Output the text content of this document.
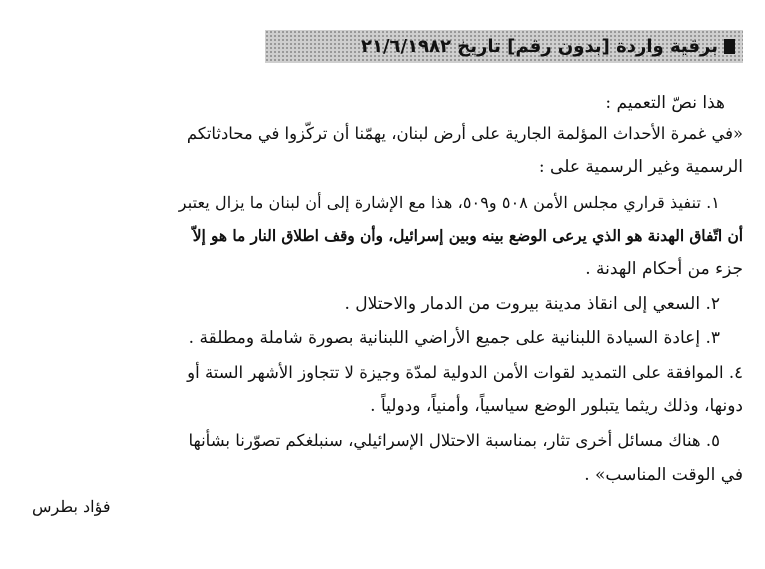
برقية واردة [بدون رقم] تاريخ ٢١/٦/١٩٨٢
هذا نصّ التعميم :
«في غمرة الأحداث المؤلمة الجارية على أرض لبنان، يهمّنا أن تركّزوا في محادثاتكم
الرسمية وغير الرسمية على :
١. تنفيذ قراري مجلس الأمن ٥٠٨ و٥٠٩، هذا مع الإشارة إلى أن لبنان ما يزال يعتبر
أن اتّفاق الهدنة هو الذي يرعى الوضع بينه وبين إسرائيل، وأن وقف اطلاق النار ما هو إلاّ
جزء من أحكام الهدنة .
٢. السعي إلى انقاذ مدينة بيروت من الدمار والاحتلال .
٣. إعادة السيادة اللبنانية على جميع الأراضي اللبنانية بصورة شاملة ومطلقة .
٤. الموافقة على التمديد لقوات الأمن الدولية لمدّة وجيزة لا تتجاوز الأشهر الستة أو
دونها، وذلك ريثما يتبلور الوضع سياسياً، وأمنياً، ودولياً .
٥. هناك مسائل أخرى تثار، بمناسبة الاحتلال الإسرائيلي، سنبلغكم تصوّرنا بشأنها
في الوقت المناسب» .
فؤاد بطرس
